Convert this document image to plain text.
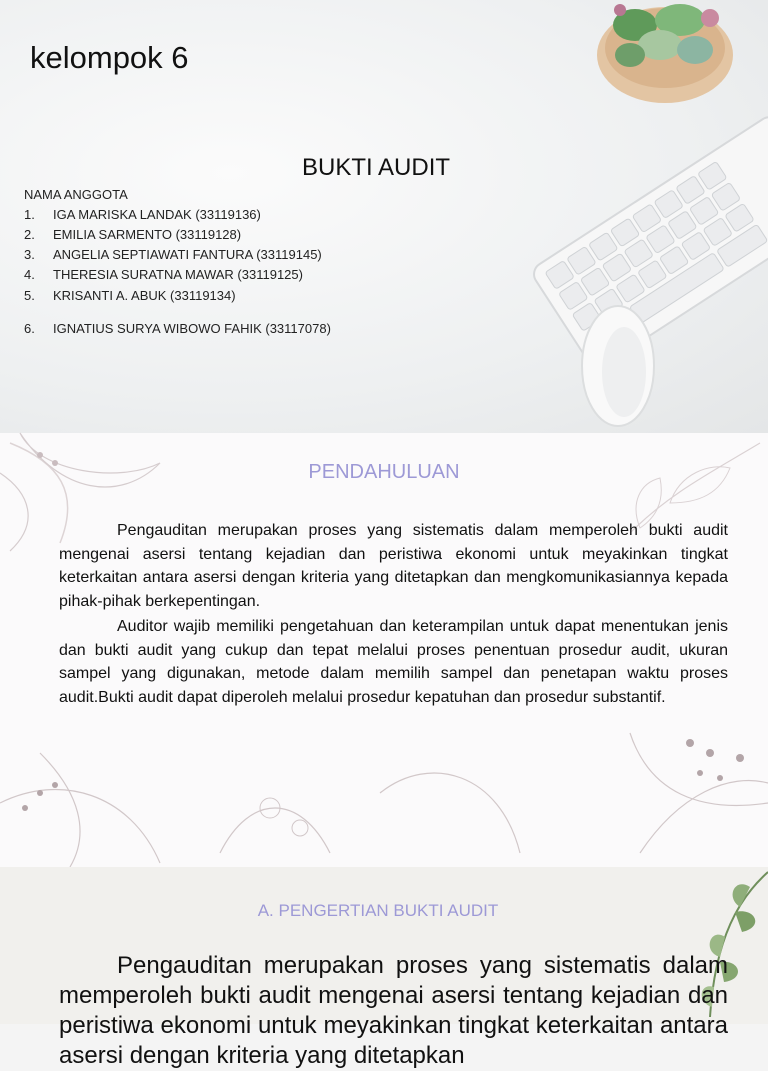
kelompok 6
BUKTI AUDIT
NAMA ANGGOTA
1. IGA MARISKA LANDAK (33119136)
2. EMILIA SARMENTO (33119128)
3. ANGELIA SEPTIAWATI FANTURA (33119145)
4. THERESIA SURATNA MAWAR (33119125)
5. KRISANTI A. ABUK (33119134)
6. IGNATIUS SURYA WIBOWO FAHIK (33117078)
PENDAHULUAN

Pengauditan merupakan proses yang sistematis dalam memperoleh bukti audit mengenai asersi tentang kejadian dan peristiwa ekonomi untuk meyakinkan tingkat keterkaitan antara asersi dengan kriteria yang ditetapkan dan mengkomunikasiannya kepada pihak-pihak berkepentingan.

Auditor wajib memiliki pengetahuan dan keterampilan untuk dapat menentukan jenis dan bukti audit yang cukup dan tepat melalui proses penentuan prosedur audit, ukuran sampel yang digunakan, metode dalam memilih sampel dan penetapan waktu proses audit.Bukti audit dapat diperoleh melalui prosedur kepatuhan dan prosedur substantif.

A. PENGERTIAN BUKTI AUDIT

Pengauditan merupakan proses yang sistematis dalam memperoleh bukti audit mengenai asersi tentang kejadian dan peristiwa ekonomi untuk meyakinkan tingkat keterkaitan antara asersi dengan kriteria yang ditetapkan
